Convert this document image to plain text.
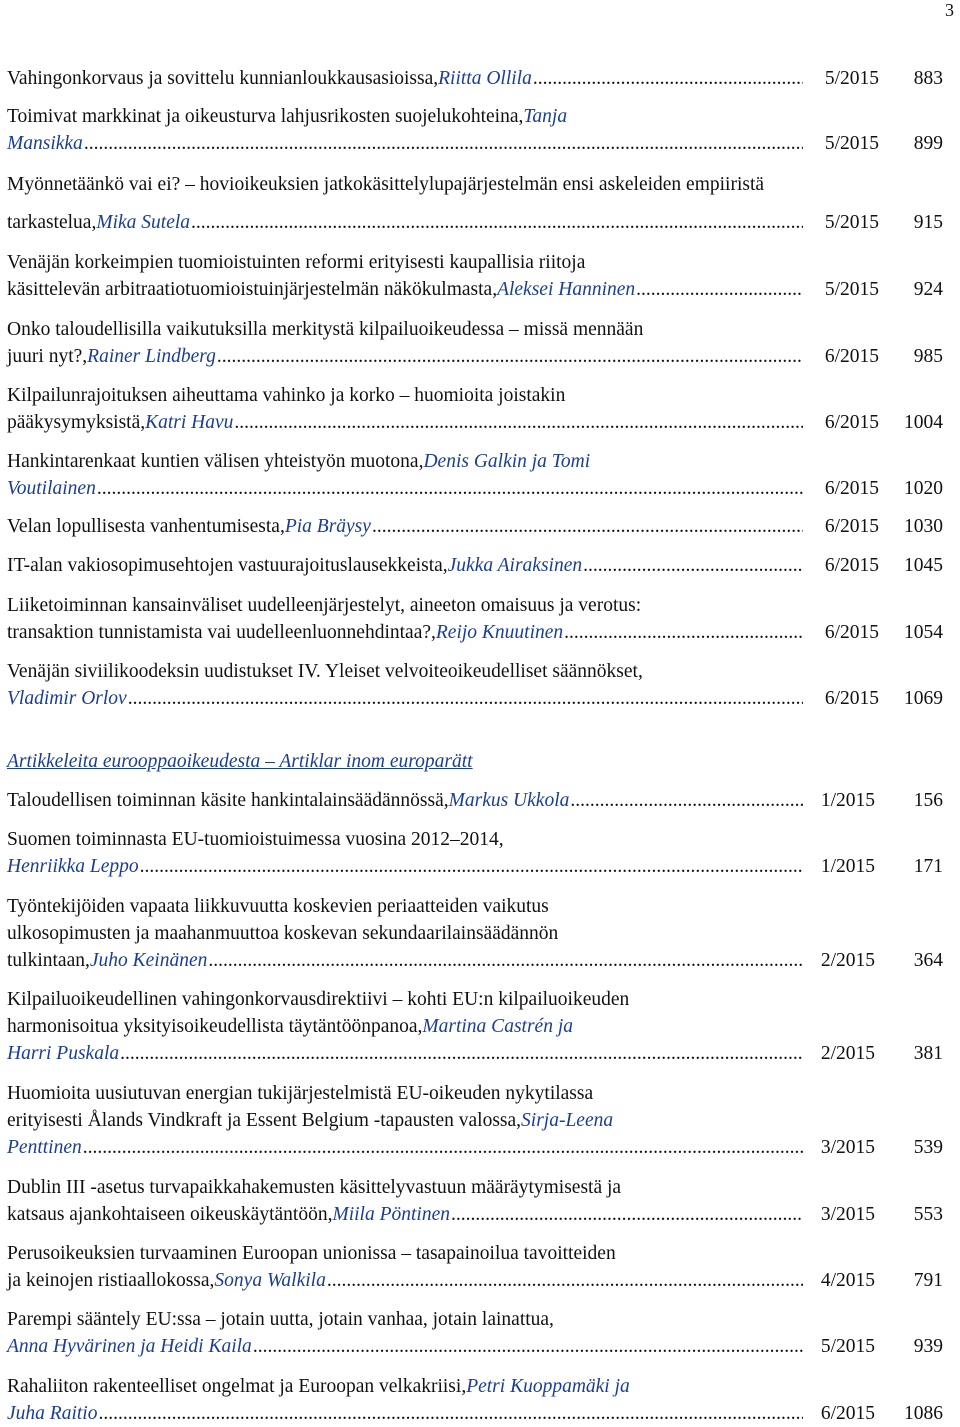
3
Vahingonkorvaus ja sovittelu kunnianloukkausasioissa, Riitta Ollila .....	5/2015	883
Toimivat markkinat ja oikeusturva lahjusrikosten suojelukohteina, Tanja
Mansikka .....	5/2015	899
Myönnetäänkö vai ei? – hovioikeuksien jatkokäsittelylupajärjestelmän ensi askeleiden empiiristä
tarkastelua, Mika Sutela .....	5/2015	915
Venäjän korkeimpien tuomioistuinten reformi erityisesti kaupallisia riitoja
käsittelevän arbitraatiotuomioistuinjärjestelmän näkökulmasta, Aleksei Hanninen .....	5/2015	924
Onko taloudellisilla vaikutuksilla merkitystä kilpailuoikeudessa – missä mennään
juuri nyt?, Rainer Lindberg .....	6/2015	985
Kilpailunrajoituksen aiheuttama vahinko ja korko – huomioita joistakin
pääkysymyksistä, Katri Havu .....	6/2015	1004
Hankintarenkaat kuntien välisen yhteistyön muotona, Denis Galkin ja Tomi
Voutilainen .....	6/2015	1020
Velan lopullisesta vanhentumisesta, Pia Bräysy .....	6/2015	1030
IT-alan vakiosopimusehtojen vastuurajoituslausekkeista, Jukka Airaksinen .....	6/2015	1045
Liiketoiminnan kansainväliset uudelleenjärjestelyt, aineeton omaisuus ja verotus:
transaktion tunnistamista vai uudelleenluonnehdintaa?, Reijo Knuutinen .....	6/2015	1054
Venäjän siviilikoodeksin uudistukset IV. Yleiset velvoiteoikeudelliset säännökset,
Vladimir Orlov .....	6/2015	1069
Artikkeleita eurooppaoikeudesta – Artiklar inom europarätt
Taloudellisen toiminnan käsite hankintalainsäädännössä, Markus Ukkola .....	1/2015	156
Suomen toiminnasta EU-tuomioistuimessa vuosina 2012–2014,
Henriikka Leppo .....	1/2015	171
Työntekijöiden vapaata liikkuvuutta koskevien periaatteiden vaikutus
ulkosopimusten ja maahanmuuttoa koskevan sekundaarilainsäädännön
tulkintaan, Juho Keinänen .....	2/2015	364
Kilpailuoikeudellinen vahingonkorvausdirektiivi – kohti EU:n kilpailuoikeuden
harmonisoitua yksityisoikeudellista täytäntöönpanoa, Martina Castrén ja
Harri Puskala .....	2/2015	381
Huomioita uusiutuvan energian tukijärjestelmistä EU-oikeuden nykytilassa
erityisesti Ålands Vindkraft ja Essent Belgium -tapausten valossa, Sirja-Leena
Penttinen .....	3/2015	539
Dublin III -asetus turvapaikkahakemusten käsittelyvastuun määräytymisestä ja
katsaus ajankohtaiseen oikeuskäytäntöön, Miila Pöntinen .....	3/2015	553
Perusoikeuksien turvaaminen Euroopan unionissa – tasapainoilua tavoitteiden
ja keinojen ristiaallokossa, Sonya Walkila .....	4/2015	791
Parempi sääntely EU:ssa – jotain uutta, jotain vanhaa, jotain lainattua,
Anna Hyvärinen ja Heidi Kaila .....	5/2015	939
Rahaliiton rakenteelliset ongelmat ja Euroopan velkakriisi, Petri Kuoppamäki ja
Juha Raitio .....	6/2015	1086
